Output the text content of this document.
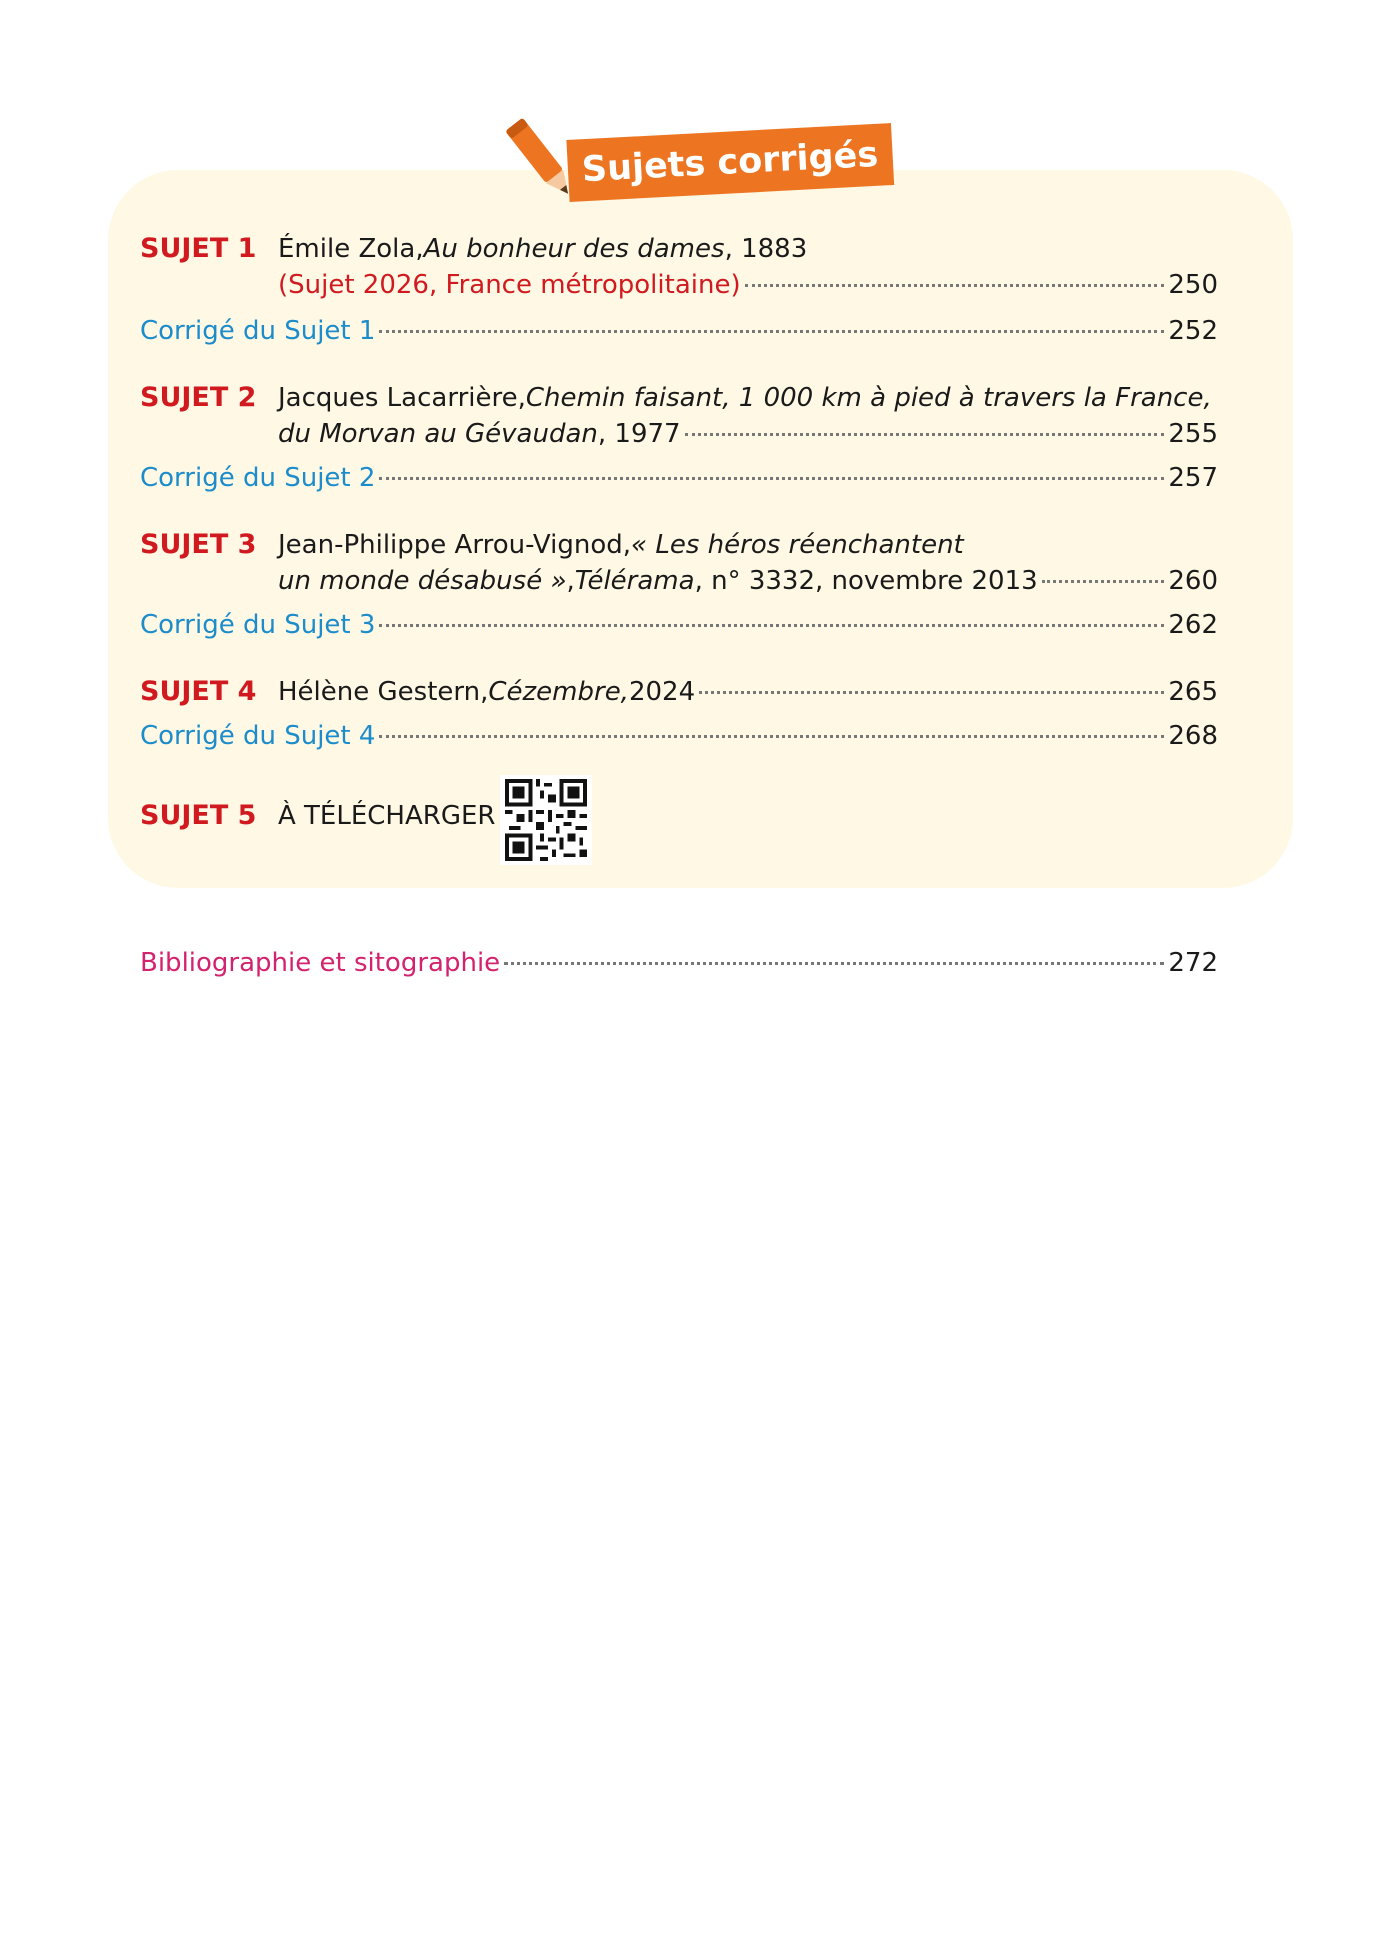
Sujets corrigés
SUJET 1 Émile Zola , Au bonheur des dames , 1883
(Sujet 2026, France métropolitaine)	250
Corrigé du Sujet 1	252
SUJET 2 Jacques Lacarrière , Chemin faisant, 1 000 km à pied à travers la France,
du Morvan au Gévaudan , 1977	255
Corrigé du Sujet 2	257
SUJET 3 Jean-Philippe Arrou-Vignod , « Les héros réenchantent
un monde désabusé » , Télérama , n° 3332, novembre 2013	260
Corrigé du Sujet 3	262
SUJET 4 Hélène Gestern , Cézembre, 2024	265
Corrigé du Sujet 4	268
SUJET 5 À TÉLÉCHARGER
Bibliographie et sitographie	272
